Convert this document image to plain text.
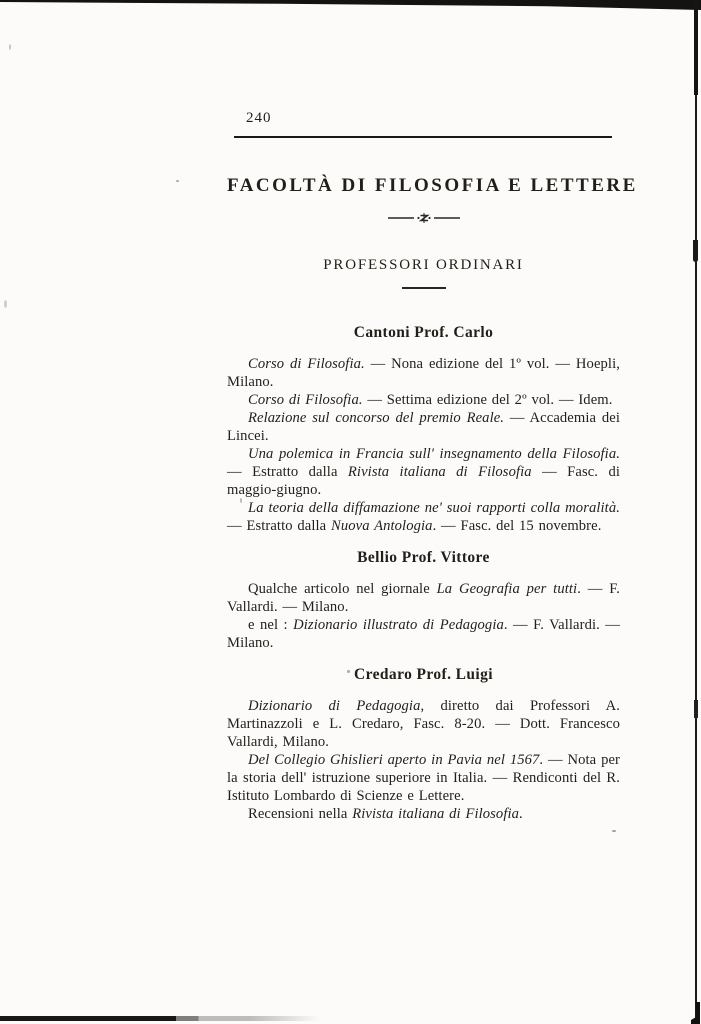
240
FACOLTÀ DI FILOSOFIA E LETTERE
PROFESSORI ORDINARI
Cantoni Prof. Carlo

Corso di Filosofia. — Nona edizione del 1º vol. — Hoepli, Milano.

Corso di Filosofia. — Settima edizione del 2º vol. — Idem.

Relazione sul concorso del premio Reale. — Accademia dei Lincei.

Una polemica in Francia sull' insegnamento della Filosofia. — Estratto dalla Rivista italiana di Filosofia — Fasc. di maggio-giugno.

La teoria della diffamazione ne' suoi rapporti colla moralità. — Estratto dalla Nuova Antologia. — Fasc. del 15 novembre.

Bellio Prof. Vittore

Qualche articolo nel giornale La Geografia per tutti. — F. Vallardi. — Milano.

e nel : Dizionario illustrato di Pedagogia. — F. Vallardi. — Milano.

Credaro Prof. Luigi

Dizionario di Pedagogia, diretto dai Professori A. Martinazzoli e L. Credaro, Fasc. 8-20. — Dott. Francesco Vallardi, Milano.

Del Collegio Ghislieri aperto in Pavia nel 1567. — Nota per la storia dell' istruzione superiore in Italia. — Rendiconti del R. Istituto Lombardo di Scienze e Lettere.

Recensioni nella Rivista italiana di Filosofia.
